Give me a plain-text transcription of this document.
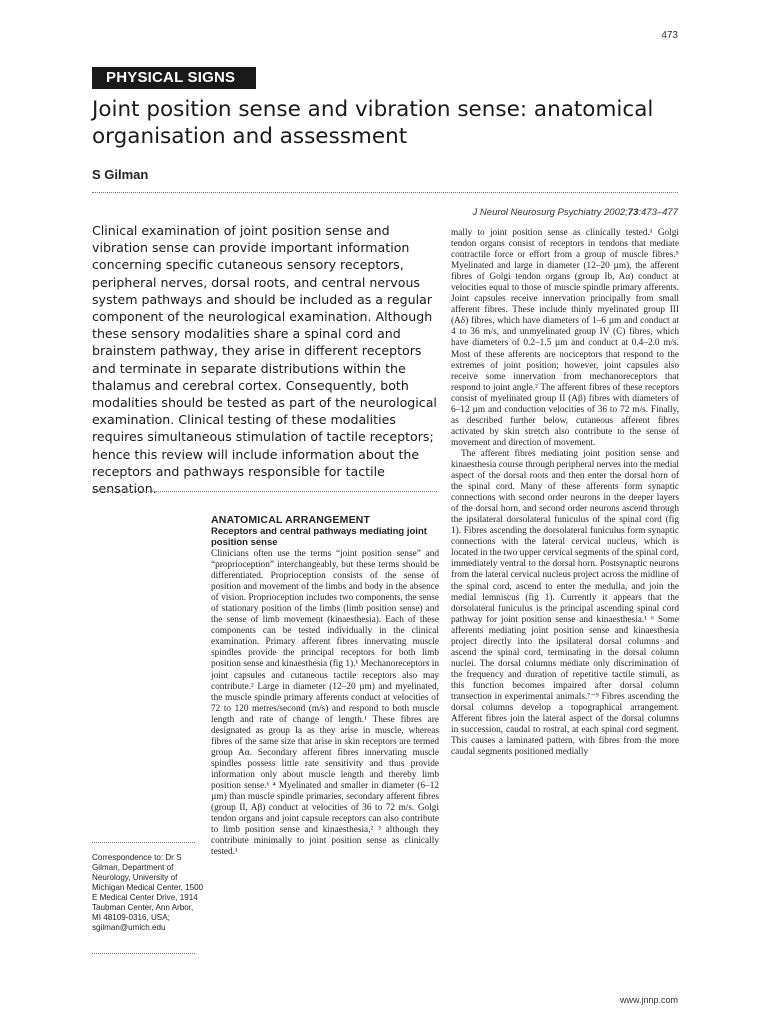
473
PHYSICAL SIGNS
Joint position sense and vibration sense: anatomical organisation and assessment
S Gilman
J Neurol Neurosurg Psychiatry 2002;73:473–477

Clinical examination of joint position sense and vibration sense can provide important information concerning specific cutaneous sensory receptors, peripheral nerves, dorsal roots, and central nervous system pathways and should be included as a regular component of the neurological examination. Although these sensory modalities share a spinal cord and brainstem pathway, they arise in different receptors and terminate in separate distributions within the thalamus and cerebral cortex. Consequently, both modalities should be tested as part of the neurological examination. Clinical testing of these modalities requires simultaneous stimulation of tactile receptors; hence this review will include information about the receptors and pathways responsible for tactile sensation.

ANATOMICAL ARRANGEMENT
Receptors and central pathways mediating joint position sense

Clinicians often use the terms “joint position sense” and “proprioception” interchangeably, but these terms should be differentiated. Proprioception consists of the sense of position and movement of the limbs and body in the absence of vision. Proprioception includes two components, the sense of stationary position of the limbs (limb position sense) and the sense of limb movement (kinaesthesia). Each of these components can be tested individually in the clinical examination. Primary afferent fibres innervating muscle spindles provide the principal receptors for both limb position sense and kinaesthesia (fig 1).¹ Mechanoreceptors in joint capsules and cutaneous tactile receptors also may contribute.² Large in diameter (12–20 µm) and myelinated, the muscle spindle primary afferents conduct at velocities of 72 to 120 metres/second (m/s) and respond to both muscle length and rate of change of length.¹ These fibres are designated as group Ia as they arise in muscle, whereas fibres of the same size that arise in skin receptors are termed group Aα. Secondary afferent fibres innervating muscle spindles possess little rate sensitivity and thus provide information only about muscle length and thereby limb position sense.¹ ⁴ Myelinated and smaller in diameter (6–12 µm) than muscle spindle primaries, secondary afferent fibres (group II, Aβ) conduct at velocities of 36 to 72 m/s. Golgi tendon organs and joint capsule receptors can also contribute to limb position sense and kinaesthesia,² ³ although they contribute minimally to joint position sense as clinically tested.¹

mally to joint position sense as clinically tested.¹ Golgi tendon organs consist of receptors in tendons that mediate contractile force or effort from a group of muscle fibres.⁵ Myelinated and large in diameter (12–20 µm), the afferent fibres of Golgi tendon organs (group Ib, Aα) conduct at velocities equal to those of muscle spindle primary afferents. Joint capsules receive innervation principally from small afferent fibres. These include thinly myelinated group III (Aδ) fibres, which have diameters of 1–6 µm and conduct at 4 to 36 m/s, and unmyelinated group IV (C) fibres, which have diameters of 0.2–1.5 µm and conduct at 0.4–2.0 m/s. Most of these afferents are nociceptors that respond to the extremes of joint position; however, joint capsules also receive some innervation from mechanoreceptors that respond to joint angle.² The afferent fibres of these receptors consist of myelinated group II (Aβ) fibres with diameters of 6–12 µm and conduction velocities of 36 to 72 m/s. Finally, as described further below, cutaneous afferent fibres activated by skin stretch also contribute to the sense of movement and direction of movement.

The afferent fibres mediating joint position sense and kinaesthesia course through peripheral nerves into the medial aspect of the dorsal roots and then enter the dorsal horn of the spinal cord. Many of these afferents form synaptic connections with second order neurons in the deeper layers of the dorsal horn, and second order neurons ascend through the ipsilateral dorsolateral funiculus of the spinal cord (fig 1). Fibres ascending the dorsolateral funiculus form synaptic connections with the lateral cervical nucleus, which is located in the two upper cervical segments of the spinal cord, immediately ventral to the dorsal horn. Postsynaptic neurons from the lateral cervical nucleus project across the midline of the spinal cord, ascend to enter the medulla, and join the medial lemniscus (fig 1). Currently it appears that the dorsolateral funiculus is the principal ascending spinal cord pathway for joint position sense and kinaesthesia.¹ ⁶ Some afferents mediating joint position sense and kinaesthesia project directly into the ipsilateral dorsal columns and ascend the spinal cord, terminating in the dorsal column nuclei. The dorsal columns mediate only discrimination of the frequency and duration of repetitive tactile stimuli, as this function becomes impaired after dorsal column transection in experimental animals.⁷⁻⁹ Fibres ascending the dorsal columns develop a topographical arrangement. Afferent fibres join the lateral aspect of the dorsal columns in succession, caudal to rostral, at each spinal cord segment. This causes a laminated pattern, with fibres from the more caudal segments positioned medially

Correspondence to: Dr S Gilman, Department of Neurology, University of Michigan Medical Center, 1500 E Medical Center Drive, 1914 Taubman Center, Ann Arbor, MI 48109-0316, USA; sgilman@umich.edu

www.jnnp.com
